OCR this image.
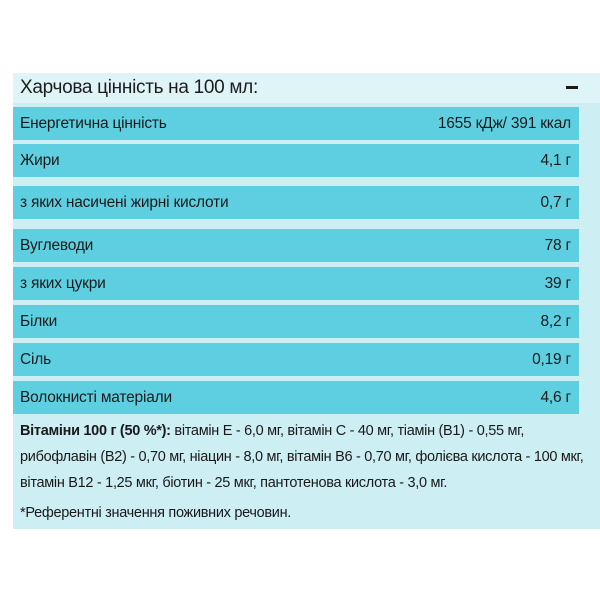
Харчова цінність на 100 мл:
Енергетична цінність	1655 кДж/ 391 ккал
Жири	4,1 г
з яких насичені жирні кислоти	0,7 г
Вуглеводи	78 г
з яких цукри	39 г
Білки	8,2 г
Сіль	0,19 г
Волокнисті матеріали	4,6 г
Вітаміни 100 г (50 %*): вітамін Е - 6,0 мг, вітамін С - 40 мг, тіамін (В1) - 0,55 мг, рибофлавін (В2) - 0,70 мг, ніацин - 8,0 мг, вітамін В6 - 0,70 мг, фолієва кислота - 100 мкг, вітамін В12 - 1,25 мкг, біотин - 25 мкг, пантотенова кислота - 3,0 мг.
*Референтні значення поживних речовин.
